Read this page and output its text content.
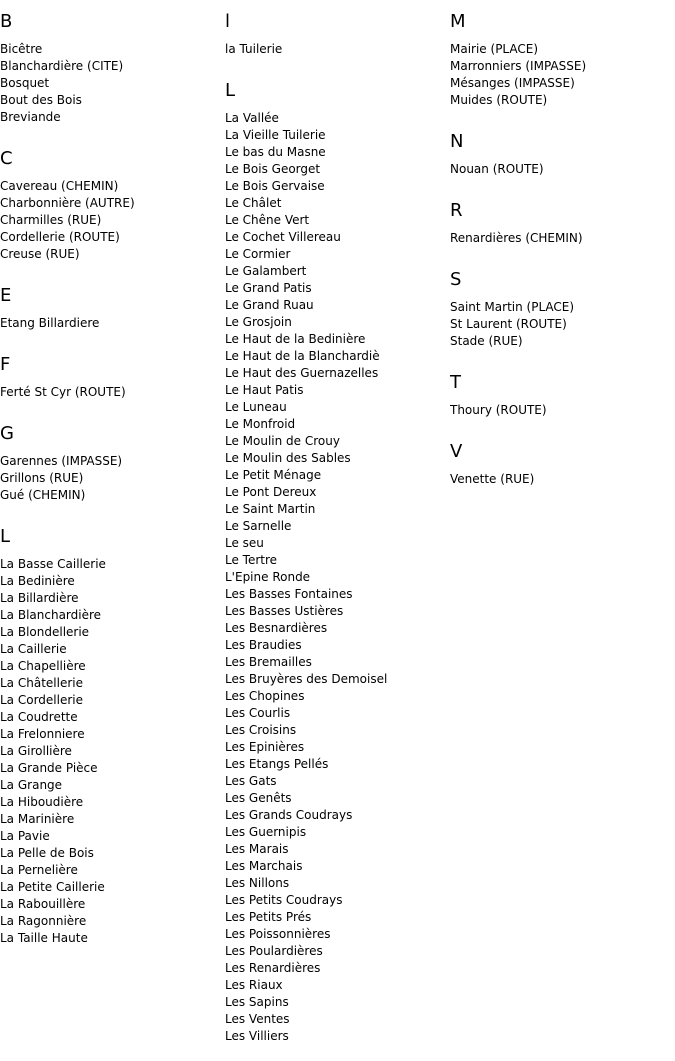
B
Bicêtre
Blanchardière (CITE)
Bosquet
Bout des Bois
Breviande
C
Cavereau (CHEMIN)
Charbonnière (AUTRE)
Charmilles (RUE)
Cordellerie (ROUTE)
Creuse (RUE)
E
Etang Billardiere
F
Ferté St Cyr (ROUTE)
G
Garennes (IMPASSE)
Grillons (RUE)
Gué (CHEMIN)
L
La Basse Caillerie
La Bedinière
La Billardière
La Blanchardière
La Blondellerie
La Caillerie
La Chapellière
La Châtellerie
La Cordellerie
La Coudrette
La Frelonniere
La Girollière
La Grande Pièce
La Grange
La Hiboudière
La Marinière
La Pavie
La Pelle de Bois
La Pernelière
La Petite Caillerie
La Rabouillère
La Ragonnière
La Taille Haute
l
la Tuilerie
L
La Vallée
La Vieille Tuilerie
Le bas du Masne
Le Bois Georget
Le Bois Gervaise
Le Châlet
Le Chêne Vert
Le Cochet Villereau
Le Cormier
Le Galambert
Le Grand Patis
Le Grand Ruau
Le Grosjoin
Le Haut de la Bedinière
Le Haut de la Blanchardiè
Le Haut des Guernazelles
Le Haut Patis
Le Luneau
Le Monfroid
Le Moulin de Crouy
Le Moulin des Sables
Le Petit Ménage
Le Pont Dereux
Le Saint Martin
Le Sarnelle
Le seu
Le Tertre
L'Epine Ronde
Les Basses Fontaines
Les Basses Ustières
Les Besnardières
Les Braudies
Les Bremailles
Les Bruyères des Demoisel
Les Chopines
Les Courlis
Les Croisins
Les Epinières
Les Etangs Pellés
Les Gats
Les Genêts
Les Grands Coudrays
Les Guernipis
Les Marais
Les Marchais
Les Nillons
Les Petits Coudrays
Les Petits Prés
Les Poissonnières
Les Poulardières
Les Renardières
Les Riaux
Les Sapins
Les Ventes
Les Villiers
M
Mairie (PLACE)
Marronniers (IMPASSE)
Mésanges (IMPASSE)
Muides (ROUTE)
N
Nouan (ROUTE)
R
Renardières (CHEMIN)
S
Saint Martin (PLACE)
St Laurent (ROUTE)
Stade (RUE)
T
Thoury (ROUTE)
V
Venette (RUE)
